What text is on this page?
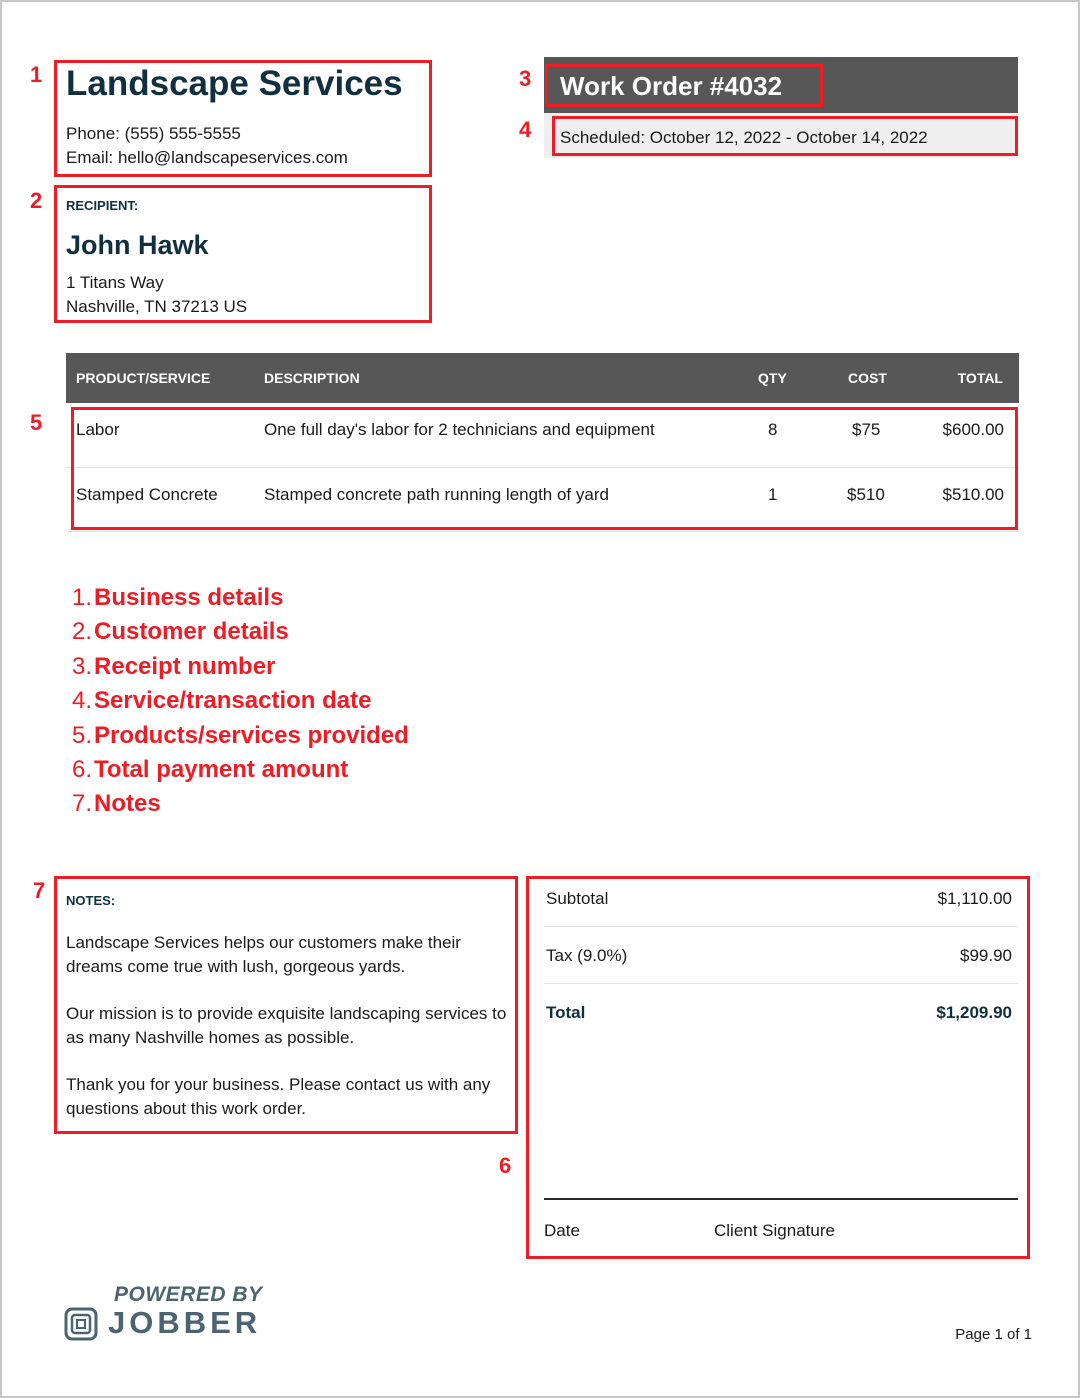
Landscape Services
Phone: (555) 555-5555
Email: hello@landscapeservices.com
1
RECIPIENT:
John Hawk
1 Titans Way
Nashville, TN 37213 US
2
Work Order #4032
Scheduled: October 12, 2022 - October 14, 2022
3
4
PRODUCT/SERVICE	DESCRIPTION	QTY	COST	TOTAL
Labor	One full day's labor for 2 technicians and equipment	8	$75	$600.00
Stamped Concrete	Stamped concrete path running length of yard	1	$510	$510.00
5
1. Business details
2. Customer details
3. Receipt number
4. Service/transaction date
5. Products/services provided
6. Total payment amount
7. Notes
NOTES:
Landscape Services helps our customers make their dreams come true with lush, gorgeous yards.
Our mission is to provide exquisite landscaping services to as many Nashville homes as possible.
Thank you for your business. Please contact us with any questions about this work order.
7	Subtotal	$1,110.00
Tax (9.0%)	$99.90
Total	$1,209.90
Date	Client Signature
6
POWERED BY
JOBBER	Page 1 of 1
